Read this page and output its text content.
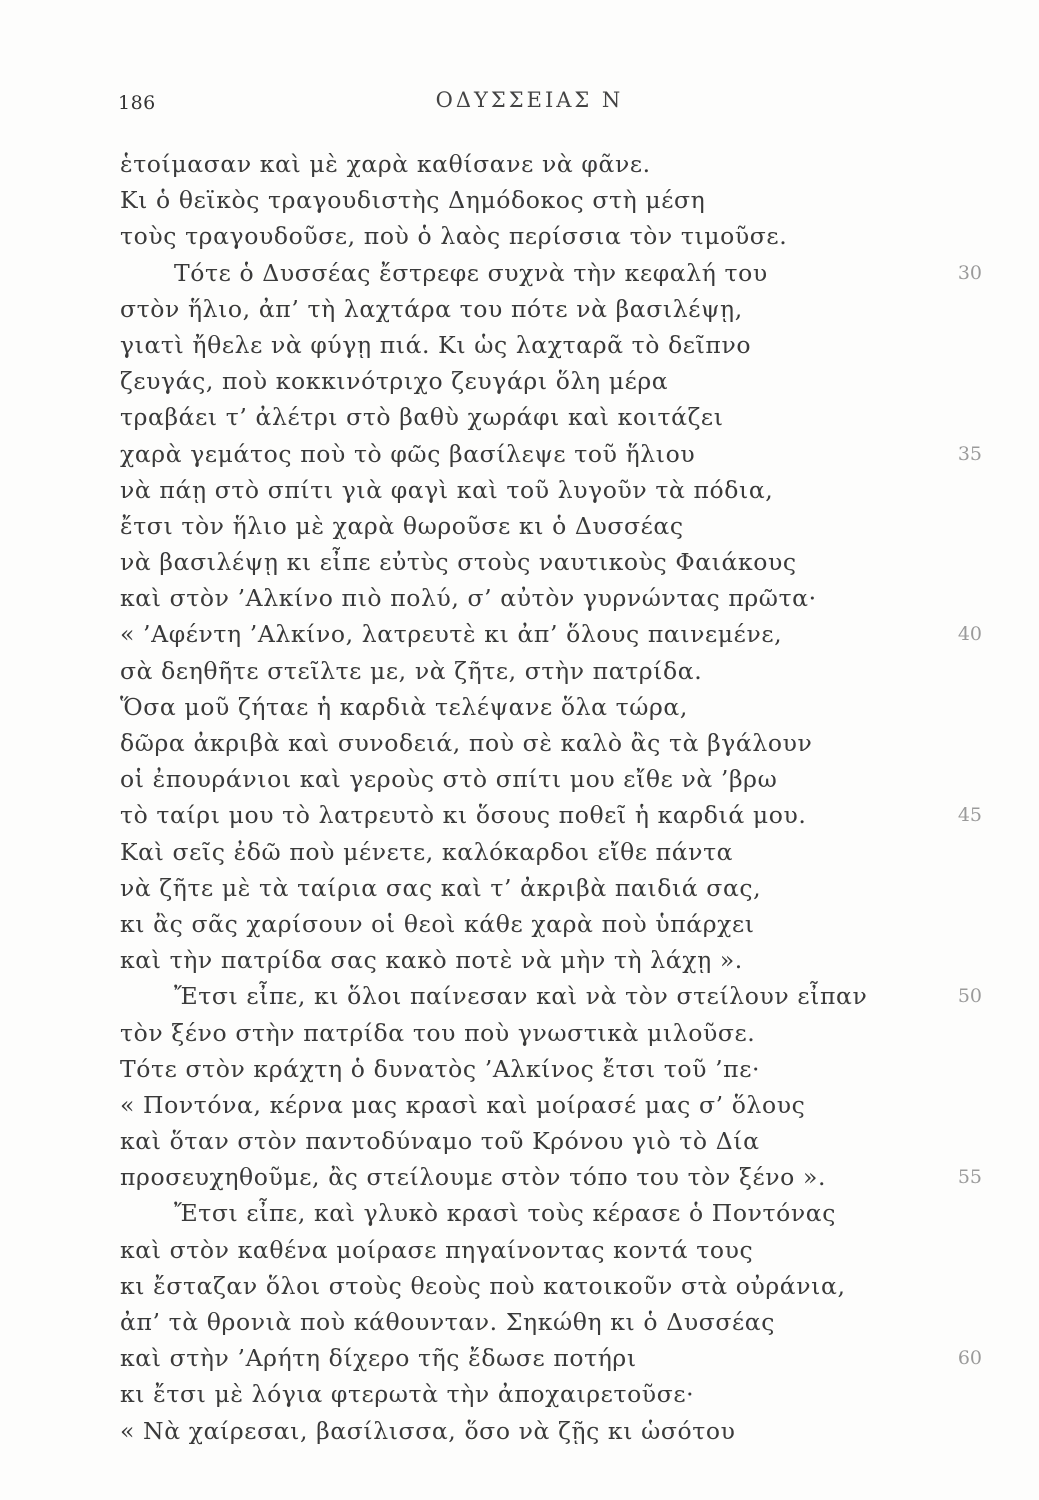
186	ΟΔΥΣΣΕΙΑΣ Ν
ἑτοίμασαν καὶ μὲ χαρὰ καθίσανε νὰ φᾶνε.
Κι ὁ θεϊκὸς τραγουδιστὴς Δημόδοκος στὴ μέση
τοὺς τραγουδοῦσε, ποὺ ὁ λαὸς περίσσια τὸν τιμοῦσε.
Τότε ὁ Δυσσέας ἔστρεφε συχνὰ τὴν κεφαλή του	30
στὸν ἥλιο, ἀπ’ τὴ λαχτάρα του πότε νὰ βασιλέψῃ,
γιατὶ ἤθελε νὰ φύγῃ πιά. Κι ὡς λαχταρᾶ τὸ δεῖπνο
ζευγάς, ποὺ κοκκινότριχο ζευγάρι ὅλη μέρα
τραβάει τ’ ἀλέτρι στὸ βαθὺ χωράφι καὶ κοιτάζει
χαρὰ γεμάτος ποὺ τὸ φῶς βασίλεψε τοῦ ἥλιου	35
νὰ πάῃ στὸ σπίτι γιὰ φαγὶ καὶ τοῦ λυγοῦν τὰ πόδια,
ἔτσι τὸν ἥλιο μὲ χαρὰ θωροῦσε κι ὁ Δυσσέας
νὰ βασιλέψῃ κι εἶπε εὐτὺς στοὺς ναυτικοὺς Φαιάκους
καὶ στὸν ’Αλκίνο πιὸ πολύ, σ’ αὐτὸν γυρνώντας πρῶτα·
« ’Αφέντη ’Αλκίνο, λατρευτὲ κι ἀπ’ ὅλους παινεμένε,	40
σὰ δεηθῆτε στεῖλτε με, νὰ ζῆτε, στὴν πατρίδα.
Ὅσα μοῦ ζήταε ἡ καρδιὰ τελέψανε ὅλα τώρα,
δῶρα ἀκριβὰ καὶ συνοδειά, ποὺ σὲ καλὸ ἂς τὰ βγάλουν
οἱ ἐπουράνιοι καὶ γεροὺς στὸ σπίτι μου εἴθε νὰ ’βρω
τὸ ταίρι μου τὸ λατρευτὸ κι ὅσους ποθεῖ ἡ καρδιά μου.	45
Καὶ σεῖς ἐδῶ ποὺ μένετε, καλόκαρδοι εἴθε πάντα
νὰ ζῆτε μὲ τὰ ταίρια σας καὶ τ’ ἀκριβὰ παιδιά σας,
κι ἂς σᾶς χαρίσουν οἱ θεοὶ κάθε χαρὰ ποὺ ὑπάρχει
καὶ τὴν πατρίδα σας κακὸ ποτὲ νὰ μὴν τὴ λάχῃ ».
Ἔτσι εἶπε, κι ὅλοι παίνεσαν καὶ νὰ τὸν στείλουν εἶπαν	50
τὸν ξένο στὴν πατρίδα του ποὺ γνωστικὰ μιλοῦσε.
Τότε στὸν κράχτη ὁ δυνατὸς ’Αλκίνος ἔτσι τοῦ ’πε·
« Ποντόνα, κέρνα μας κρασὶ καὶ μοίρασέ μας σ’ ὅλους
καὶ ὅταν στὸν παντοδύναμο τοῦ Κρόνου γιὸ τὸ Δία
προσευχηθοῦμε, ἂς στείλουμε στὸν τόπο του τὸν ξένο ».	55
Ἔτσι εἶπε, καὶ γλυκὸ κρασὶ τοὺς κέρασε ὁ Ποντόνας
καὶ στὸν καθένα μοίρασε πηγαίνοντας κοντά τους
κι ἔσταζαν ὅλοι στοὺς θεοὺς ποὺ κατοικοῦν στὰ οὐράνια,
ἀπ’ τὰ θρονιὰ ποὺ κάθουνταν. Σηκώθη κι ὁ Δυσσέας
καὶ στὴν ’Αρήτη δίχερο τῆς ἔδωσε ποτήρι	60
κι ἔτσι μὲ λόγια φτερωτὰ τὴν ἀποχαιρετοῦσε·
« Νὰ χαίρεσαι, βασίλισσα, ὅσο νὰ ζῇς κι ὡσότου
